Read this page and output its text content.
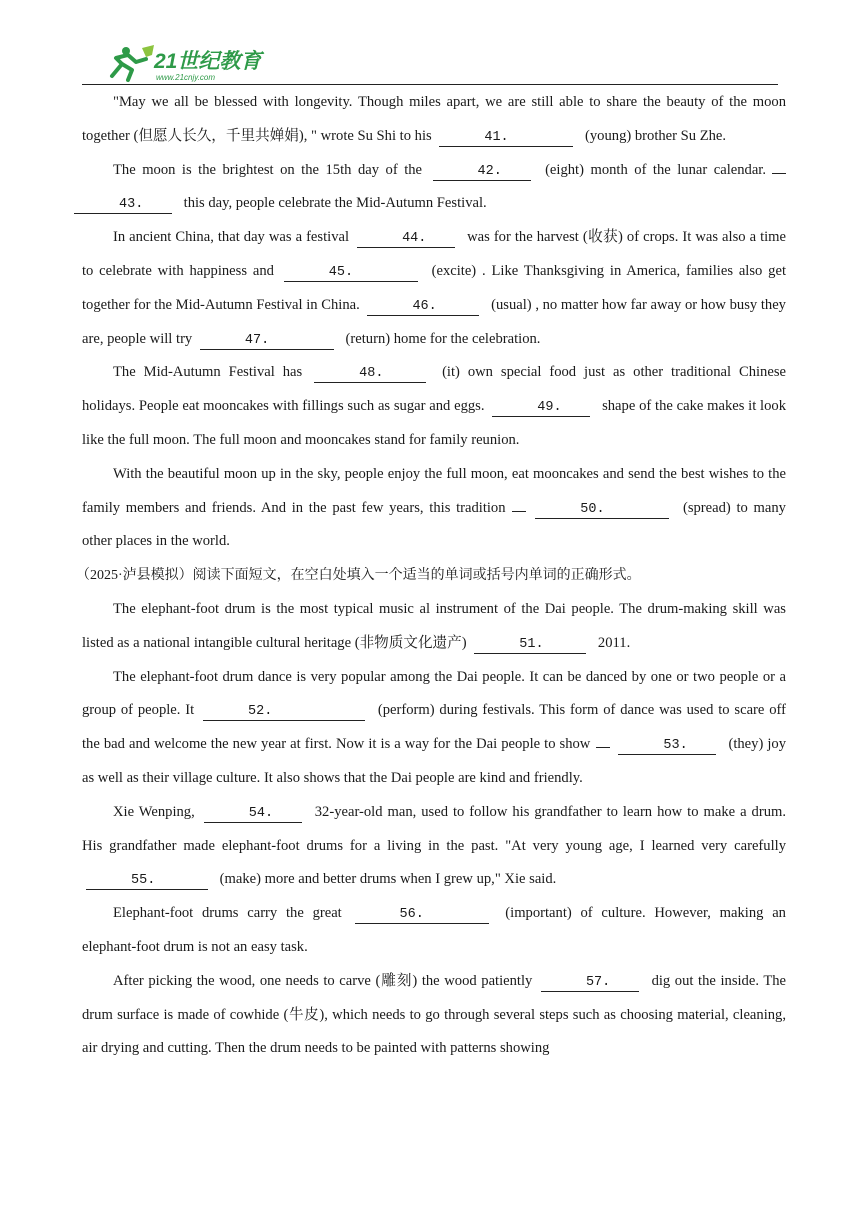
21世纪教育
www.21cnjy.com

"May we all be blessed with longevity. Though miles apart, we are still able to share the beauty of the moon together (但愿人长久，千里共婵娟), " wrote Su Shi to his	41.	(young) brother Su Zhe.

The moon is the brightest on the 15th day of the	42.	(eight) month of the lunar calendar. 43.	this day, people celebrate the Mid-Autumn Festival.

In ancient China, that day was a festival	44.	was for the harvest (收获) of crops. It was also a time to celebrate with happiness and	45.	(excite) . Like Thanksgiving in America, families also get together for the Mid-Autumn Festival in China.	46.	(usual) , no matter how far away or how busy they are, people will try	47.	(return) home for the celebration.

The Mid-Autumn Festival has	48.	(it) own special food just as other traditional Chinese holidays. People eat mooncakes with fillings such as sugar and eggs.	49.	shape of the cake makes it look like the full moon. The full moon and mooncakes stand for family reunion.

With the beautiful moon up in the sky, people enjoy the full moon, eat mooncakes and send the best wishes to the family members and friends. And in the past few years, this tradition	50.	(spread) to many other places in the world.

（2025·泸县模拟）阅读下面短文，在空白处填入一个适当的单词或括号内单词的正确形式。

The elephant-foot drum is the most typical music al instrument of the Dai people. The drum-making skill was listed as a national intangible cultural heritage (非物质文化遗产)	51.	2011.

The elephant-foot drum dance is very popular among the Dai people. It can be danced by one or two people or a group of people. It	52.	(perform) during festivals. This form of dance was used to scare off the bad and welcome the new year at first. Now it is a way for the Dai people to show	53.	(they) joy as well as their village culture. It also shows that the Dai people are kind and friendly.

Xie Wenping,	54.	32-year-old man, used to follow his grandfather to learn how to make a drum. His grandfather made elephant-foot drums for a living in the past. "At very young age, I learned very carefully 55.	(make) more and better drums when I grew up," Xie said.

Elephant-foot drums carry the great	56.	(important) of culture. However, making an elephant-foot drum is not an easy task.

After picking the wood, one needs to carve (雕刻) the wood patiently	57.	dig out the inside. The drum surface is made of cowhide (牛皮), which needs to go through several steps such as choosing material, cleaning, air drying and cutting. Then the drum needs to be painted with patterns showing
